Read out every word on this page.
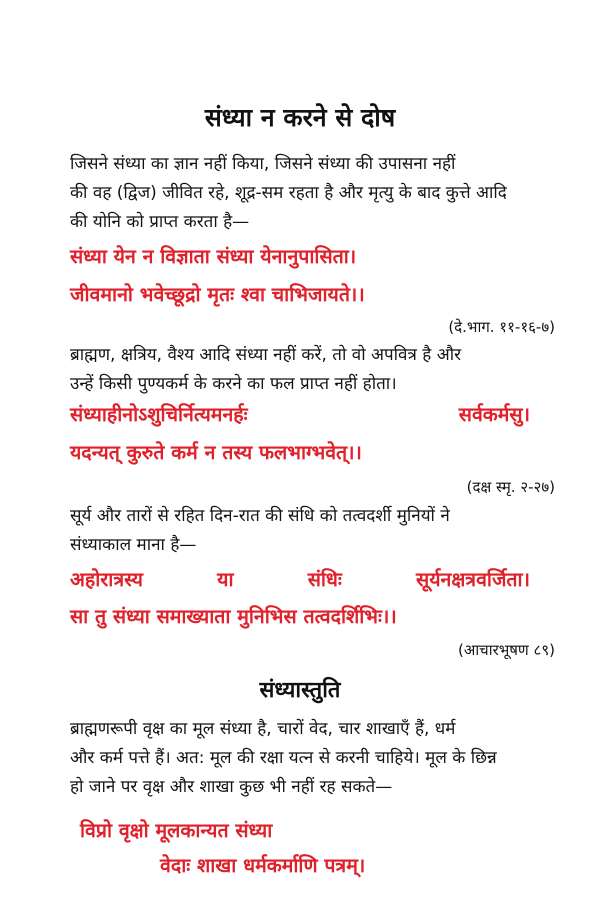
संध्या न करने से दोष
जिसने संध्या का ज्ञान नहीं किया, जिसने संध्या की उपासना नहीं
की वह (द्विज) जीवित रहे, शूद्र-सम रहता है और मृत्यु के बाद कुत्ते आदि
की योनि को प्राप्त करता है—
संध्या येन न विज्ञाता संध्या येनानुपासिता।
जीवमानो भवेच्छूद्रो मृतः श्वा चाभिजायते।।
(दे.भाग. ११-१६-७)
ब्राह्मण, क्षत्रिय, वैश्य आदि संध्या नहीं करें, तो वो अपवित्र है और
उन्हें किसी पुण्यकर्म के करने का फल प्राप्त नहीं होता।
संध्याहीनोऽशुचिर्नित्यमनर्हः	सर्वकर्मसु।
यदन्यत् कुरुते कर्म न तस्य फलभाग्भवेत्।।
(दक्ष स्मृ. २-२७)
सूर्य और तारों से रहित दिन-रात की संधि को तत्वदर्शी मुनियों ने
संध्याकाल माना है—
अहोरात्रस्य	या	संधिः	सूर्यनक्षत्रवर्जिता।
सा तु संध्या समाख्याता मुनिभिस तत्वदर्शिभिः।।
(आचारभूषण ८९)
संध्यास्तुति
ब्राह्मणरूपी वृक्ष का मूल संध्या है, चारों वेद, चार शाखाएँ हैं, धर्म
और कर्म पत्ते हैं। अत: मूल की रक्षा यत्न से करनी चाहिये। मूल के छिन्न
हो जाने पर वृक्ष और शाखा कुछ भी नहीं रह सकते—
विप्रो वृक्षो मूलकान्यत संध्या
वेदाः शाखा धर्मकर्माणि पत्रम्।
